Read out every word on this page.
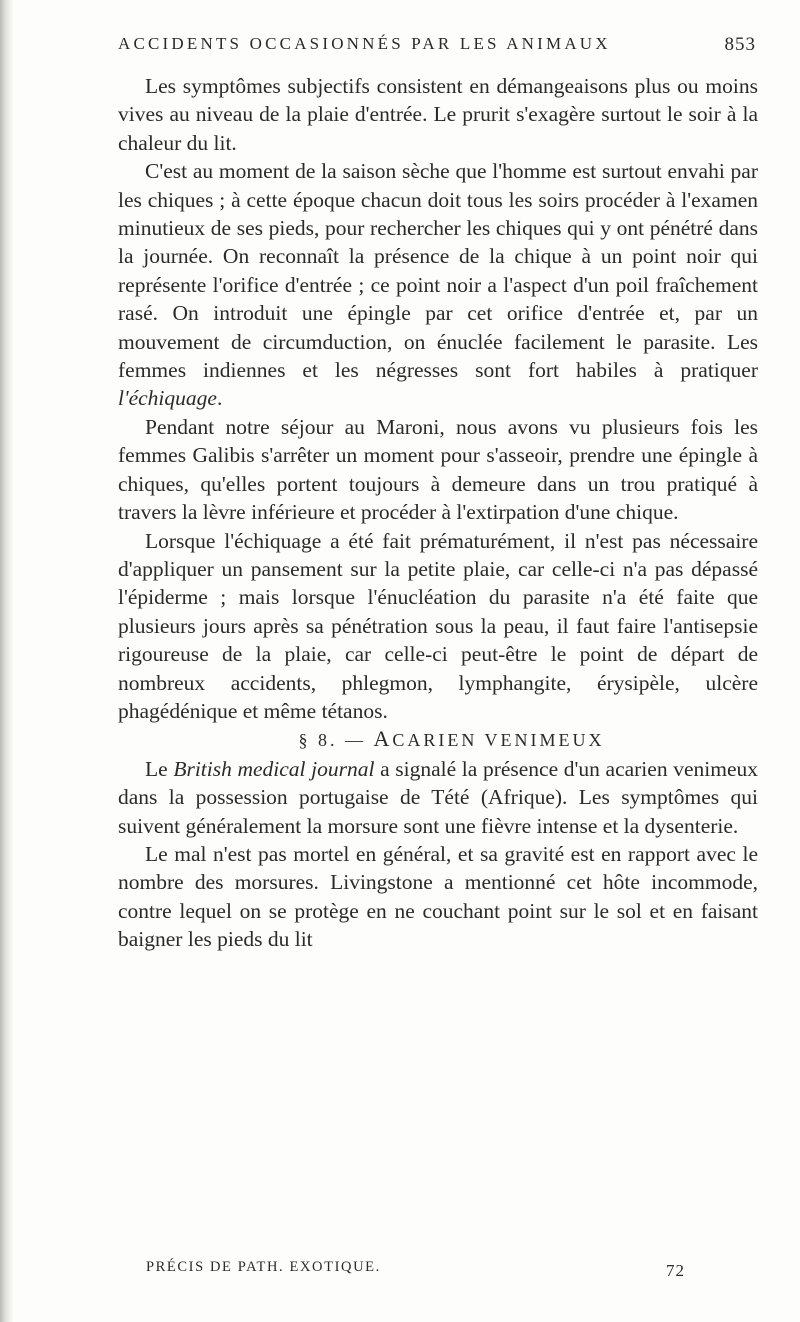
ACCIDENTS OCCASIONNÉS PAR LES ANIMAUX	853

Les symptômes subjectifs consistent en démangeaisons plus ou moins vives au niveau de la plaie d'entrée. Le prurit s'exagère surtout le soir à la chaleur du lit.

C'est au moment de la saison sèche que l'homme est surtout envahi par les chiques ; à cette époque chacun doit tous les soirs procéder à l'examen minutieux de ses pieds, pour rechercher les chiques qui y ont pénétré dans la journée. On reconnaît la présence de la chique à un point noir qui représente l'orifice d'entrée ; ce point noir a l'aspect d'un poil fraîchement rasé. On introduit une épingle par cet orifice d'entrée et, par un mouvement de circumduction, on énuclée facilement le parasite. Les femmes indiennes et les négresses sont fort habiles à pratiquer l'échiquage.

Pendant notre séjour au Maroni, nous avons vu plusieurs fois les femmes Galibis s'arrêter un moment pour s'asseoir, prendre une épingle à chiques, qu'elles portent toujours à demeure dans un trou pratiqué à travers la lèvre inférieure et procéder à l'extirpation d'une chique.

Lorsque l'échiquage a été fait prématurément, il n'est pas nécessaire d'appliquer un pansement sur la petite plaie, car celle-ci n'a pas dépassé l'épiderme ; mais lorsque l'énucléation du parasite n'a été faite que plusieurs jours après sa pénétration sous la peau, il faut faire l'antisepsie rigoureuse de la plaie, car celle-ci peut-être le point de départ de nombreux accidents, phlegmon, lymphangite, érysipèle, ulcère phagédénique et même tétanos.

§ 8. — ACARIEN VENIMEUX

Le British medical journal a signalé la présence d'un acarien venimeux dans la possession portugaise de Tété (Afrique). Les symptômes qui suivent généralement la morsure sont une fièvre intense et la dysenterie.

Le mal n'est pas mortel en général, et sa gravité est en rapport avec le nombre des morsures. Livingstone a mentionné cet hôte incommode, contre lequel on se protège en ne couchant point sur le sol et en faisant baigner les pieds du lit

PRÉCIS DE PATH. EXOTIQUE.	72
